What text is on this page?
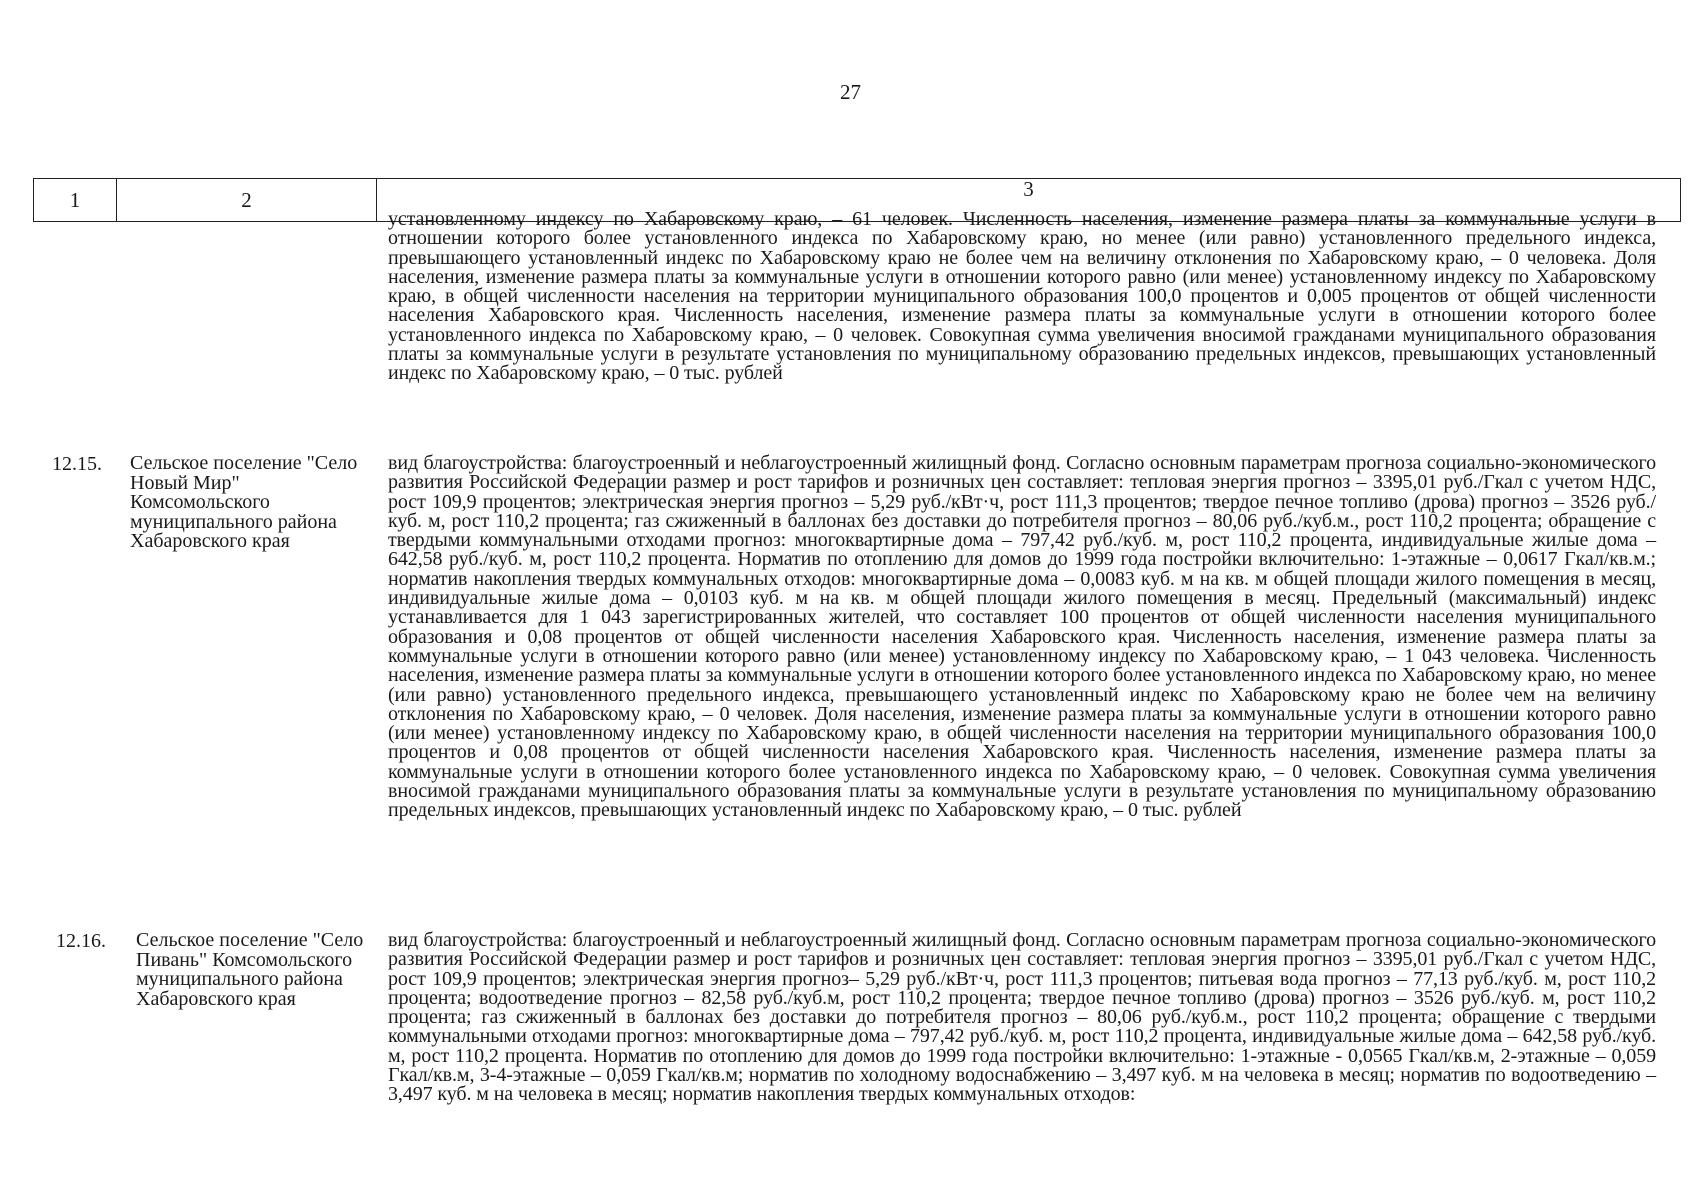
27
1	2	3

установленному индексу по Хабаровскому краю, – 61 человек. Численность населения, изменение размера платы за коммунальные услуги в отношении которого более установленного индекса по Хабаровскому краю, но менее (или равно) установленного предельного индекса, превышающего установленный индекс по Хабаровскому краю не более чем на величину отклонения по Хабаровскому краю, – 0 человека. Доля населения, изменение размера платы за коммунальные услуги в отношении которого равно (или менее) установленному индексу по Хабаровскому краю, в общей численности населения на территории муниципального образования 100,0 процентов и 0,005 процентов от общей численности населения Хабаровского края. Численность населения, изменение размера платы за коммунальные услуги в отношении которого более установленного индекса по Хабаровскому краю, – 0 человек. Совокупная сумма увеличения вносимой гражданами муниципального образования платы за коммунальные услуги в результате установления по муниципальному образованию предельных индексов, превышающих установленный индекс по Хабаровскому краю, – 0 тыс. рублей

12.15. Сельское поселение "Село Новый Мир" Комсомольского муниципального района Хабаровского края

вид благоустройства: благоустроенный и неблагоустроенный жилищный фонд. Согласно основным параметрам прогноза социально-экономического развития Российской Федерации размер и рост тарифов и розничных цен составляет: тепловая энергия прогноз – 3395,01 руб./Гкал с учетом НДС, рост 109,9 процентов; электрическая энергия прогноз – 5,29 руб./кВт·ч, рост 111,3 процентов; твердое печное топливо (дрова) прогноз – 3526 руб./куб. м, рост 110,2 процента; газ сжиженный в баллонах без доставки до потребителя прогноз – 80,06 руб./куб.м., рост 110,2 процента; обращение с твердыми коммунальными отходами прогноз: многоквартирные дома – 797,42 руб./куб. м, рост 110,2 процента, индивидуальные жилые дома – 642,58 руб./куб. м, рост 110,2 процента. Норматив по отоплению для домов до 1999 года постройки включительно: 1-этажные – 0,0617 Гкал/кв.м.; норматив накопления твердых коммунальных отходов: многоквартирные дома – 0,0083 куб. м на кв. м общей площади жилого помещения в месяц, индивидуальные жилые дома – 0,0103 куб. м на кв. м общей площади жилого помещения в месяц. Предельный (максимальный) индекс устанавливается для 1 043 зарегистрированных жителей, что составляет 100 процентов от общей численности населения муниципального образования и 0,08 процентов от общей численности населения Хабаровского края. Численность населения, изменение размера платы за коммунальные услуги в отношении которого равно (или менее) установленному индексу по Хабаровскому краю, – 1 043 человека. Численность населения, изменение размера платы за коммунальные услуги в отношении которого более установленного индекса по Хабаровскому краю, но менее (или равно) установленного предельного индекса, превышающего установленный индекс по Хабаровскому краю не более чем на величину отклонения по Хабаровскому краю, – 0 человек. Доля населения, изменение размера платы за коммунальные услуги в отношении которого равно (или менее) установленному индексу по Хабаровскому краю, в общей численности населения на территории муниципального образования 100,0 процентов и 0,08 процентов от общей численности населения Хабаровского края. Численность населения, изменение размера платы за коммунальные услуги в отношении которого более установленного индекса по Хабаровскому краю, – 0 человек. Совокупная сумма увеличения вносимой гражданами муниципального образования платы за коммунальные услуги в результате установления по муниципальному образованию предельных индексов, превышающих установленный индекс по Хабаровскому краю, – 0 тыс. рублей

12.16. Сельское поселение "Село Пивань" Комсомольского муниципального района Хабаровского края

вид благоустройства: благоустроенный и неблагоустроенный жилищный фонд. Согласно основным параметрам прогноза социально-экономического развития Российской Федерации размер и рост тарифов и розничных цен составляет: тепловая энергия прогноз – 3395,01 руб./Гкал с учетом НДС, рост 109,9 процентов; электрическая энергия прогноз– 5,29 руб./кВт·ч, рост 111,3 процентов; питьевая вода прогноз – 77,13 руб./куб. м, рост 110,2 процента; водоотведение прогноз – 82,58 руб./куб.м, рост 110,2 процента; твердое печное топливо (дрова) прогноз – 3526 руб./куб. м, рост 110,2 процента; газ сжиженный в баллонах без доставки до потребителя прогноз – 80,06 руб./куб.м., рост 110,2 процента; обращение с твердыми коммунальными отходами прогноз: многоквартирные дома – 797,42 руб./куб. м, рост 110,2 процента, индивидуальные жилые дома – 642,58 руб./куб. м, рост 110,2 процента. Норматив по отоплению для домов до 1999 года постройки включительно: 1-этажные - 0,0565 Гкал/кв.м, 2-этажные – 0,059 Гкал/кв.м, 3-4-этажные – 0,059 Гкал/кв.м; норматив по холодному водоснабжению – 3,497 куб. м на человека в месяц; норматив по водоотведению – 3,497 куб. м на человека в месяц; норматив накопления твердых коммунальных отходов:
